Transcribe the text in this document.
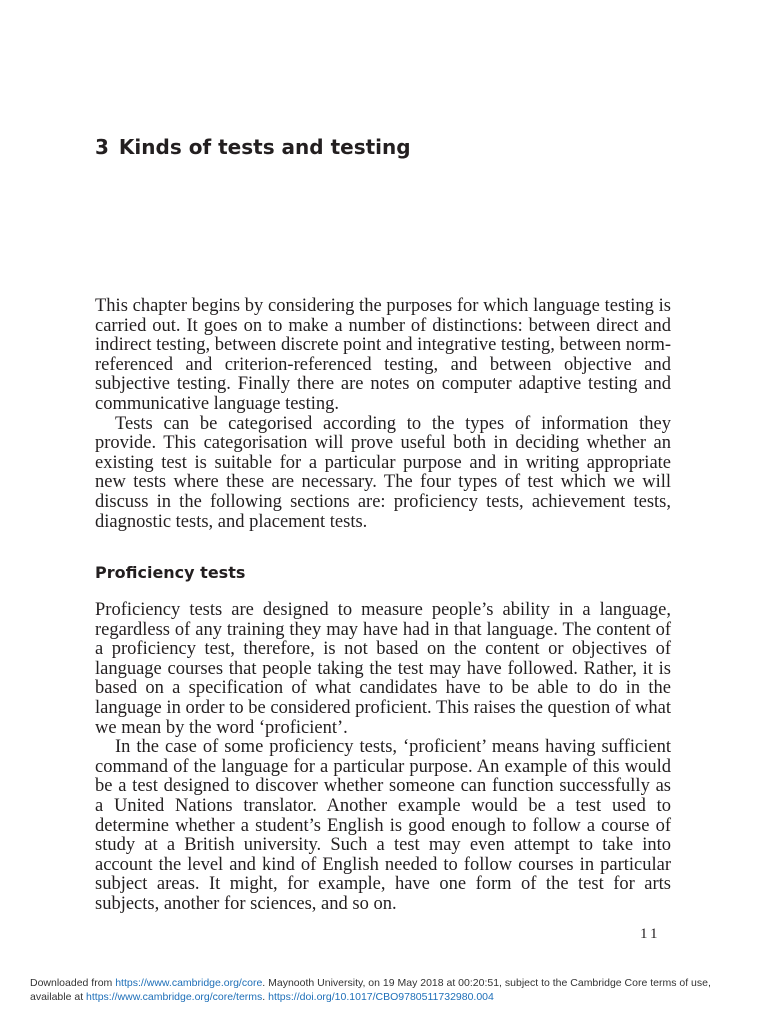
3 Kinds of tests and testing

This chapter begins by considering the purposes for which language testing is carried out. It goes on to make a number of distinctions: between direct and indirect testing, between discrete point and integrative testing, between norm-referenced and criterion-referenced testing, and between objective and subjective testing. Finally there are notes on computer adaptive testing and communicative language testing.

Tests can be categorised according to the types of information they provide. This categorisation will prove useful both in deciding whether an existing test is suitable for a particular purpose and in writing appropriate new tests where these are necessary. The four types of test which we will discuss in the following sections are: proficiency tests, achievement tests, diagnostic tests, and placement tests.

Proficiency tests

Proficiency tests are designed to measure people’s ability in a language, regardless of any training they may have had in that language. The content of a proficiency test, therefore, is not based on the content or objectives of language courses that people taking the test may have followed. Rather, it is based on a specification of what candidates have to be able to do in the language in order to be considered proficient. This raises the question of what we mean by the word ‘proficient’.

In the case of some proficiency tests, ‘proficient’ means having sufficient command of the language for a particular purpose. An example of this would be a test designed to discover whether someone can function successfully as a United Nations translator. Another example would be a test used to determine whether a student’s English is good enough to follow a course of study at a British university. Such a test may even attempt to take into account the level and kind of English needed to follow courses in particular subject areas. It might, for example, have one form of the test for arts subjects, another for sciences, and so on.

11
Downloaded from https://www.cambridge.org/core. Maynooth University, on 19 May 2018 at 00:20:51, subject to the Cambridge Core terms of use, available at https://www.cambridge.org/core/terms. https://doi.org/10.1017/CBO9780511732980.004
